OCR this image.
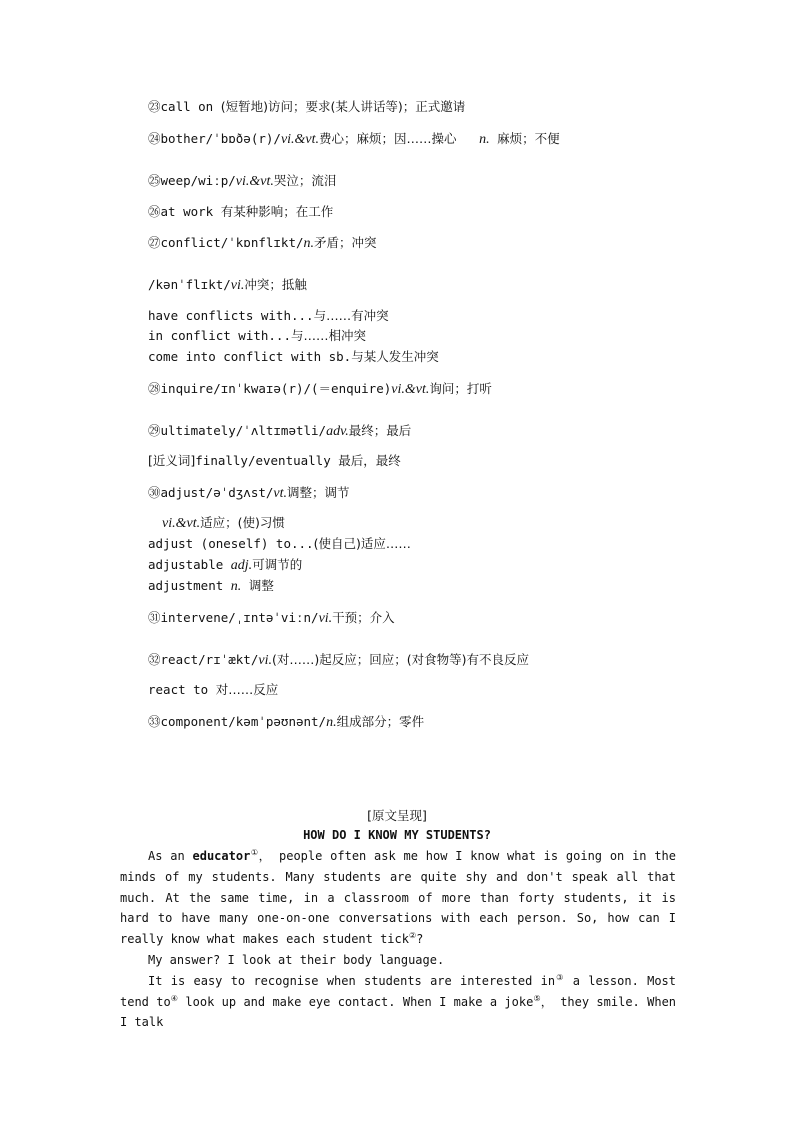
㉓call on (短暂地)访问；要求(某人讲话等)；正式邀请
㉔bother/ˈbɒðə(r)/vi.&vt.费心；麻烦；因……操心 n. 麻烦；不便
㉕weep/wiːp/vi.&vt.哭泣；流泪
㉖at work 有某种影响；在工作
㉗conflict/ˈkɒnflɪkt/n.矛盾；冲突
/kənˈflɪkt/vi.冲突；抵触
have conflicts with...与……有冲突
in conflict with...与……相冲突
come into conflict with sb.与某人发生冲突
㉘inquire/ɪnˈkwaɪə(r)/(＝enquire)vi.&vt.询问；打听
㉙ultimately/ˈʌltɪmətli/adv.最终；最后
[近义词]finally/eventually 最后，最终
㉚adjust/əˈdʒʌst/vt.调整；调节
vi.&vt.适应；(使)习惯
adjust (oneself) to...(使自己)适应……
adjustable adj.可调节的
adjustment n. 调整
㉛intervene/ˌɪntəˈviːn/vi.干预；介入
㉜react/rɪˈækt/vi.(对……)起反应；回应；(对食物等)有不良反应
react to 对……反应
㉝component/kəmˈpəʊnənt/n.组成部分；零件
[原文呈现]
HOW DO I KNOW MY STUDENTS?
As an educator①， people often ask me how I know what is going on in the minds of my students. Many students are quite shy and don't speak all that much. At the same time, in a classroom of more than forty students, it is hard to have many one-on-one conversations with each person. So, how can I really know what makes each student tick②?
My answer? I look at their body language.
It is easy to recognise when students are interested in③ a lesson. Most tend to④ look up and make eye contact. When I make a joke⑤， they smile. When I talk
